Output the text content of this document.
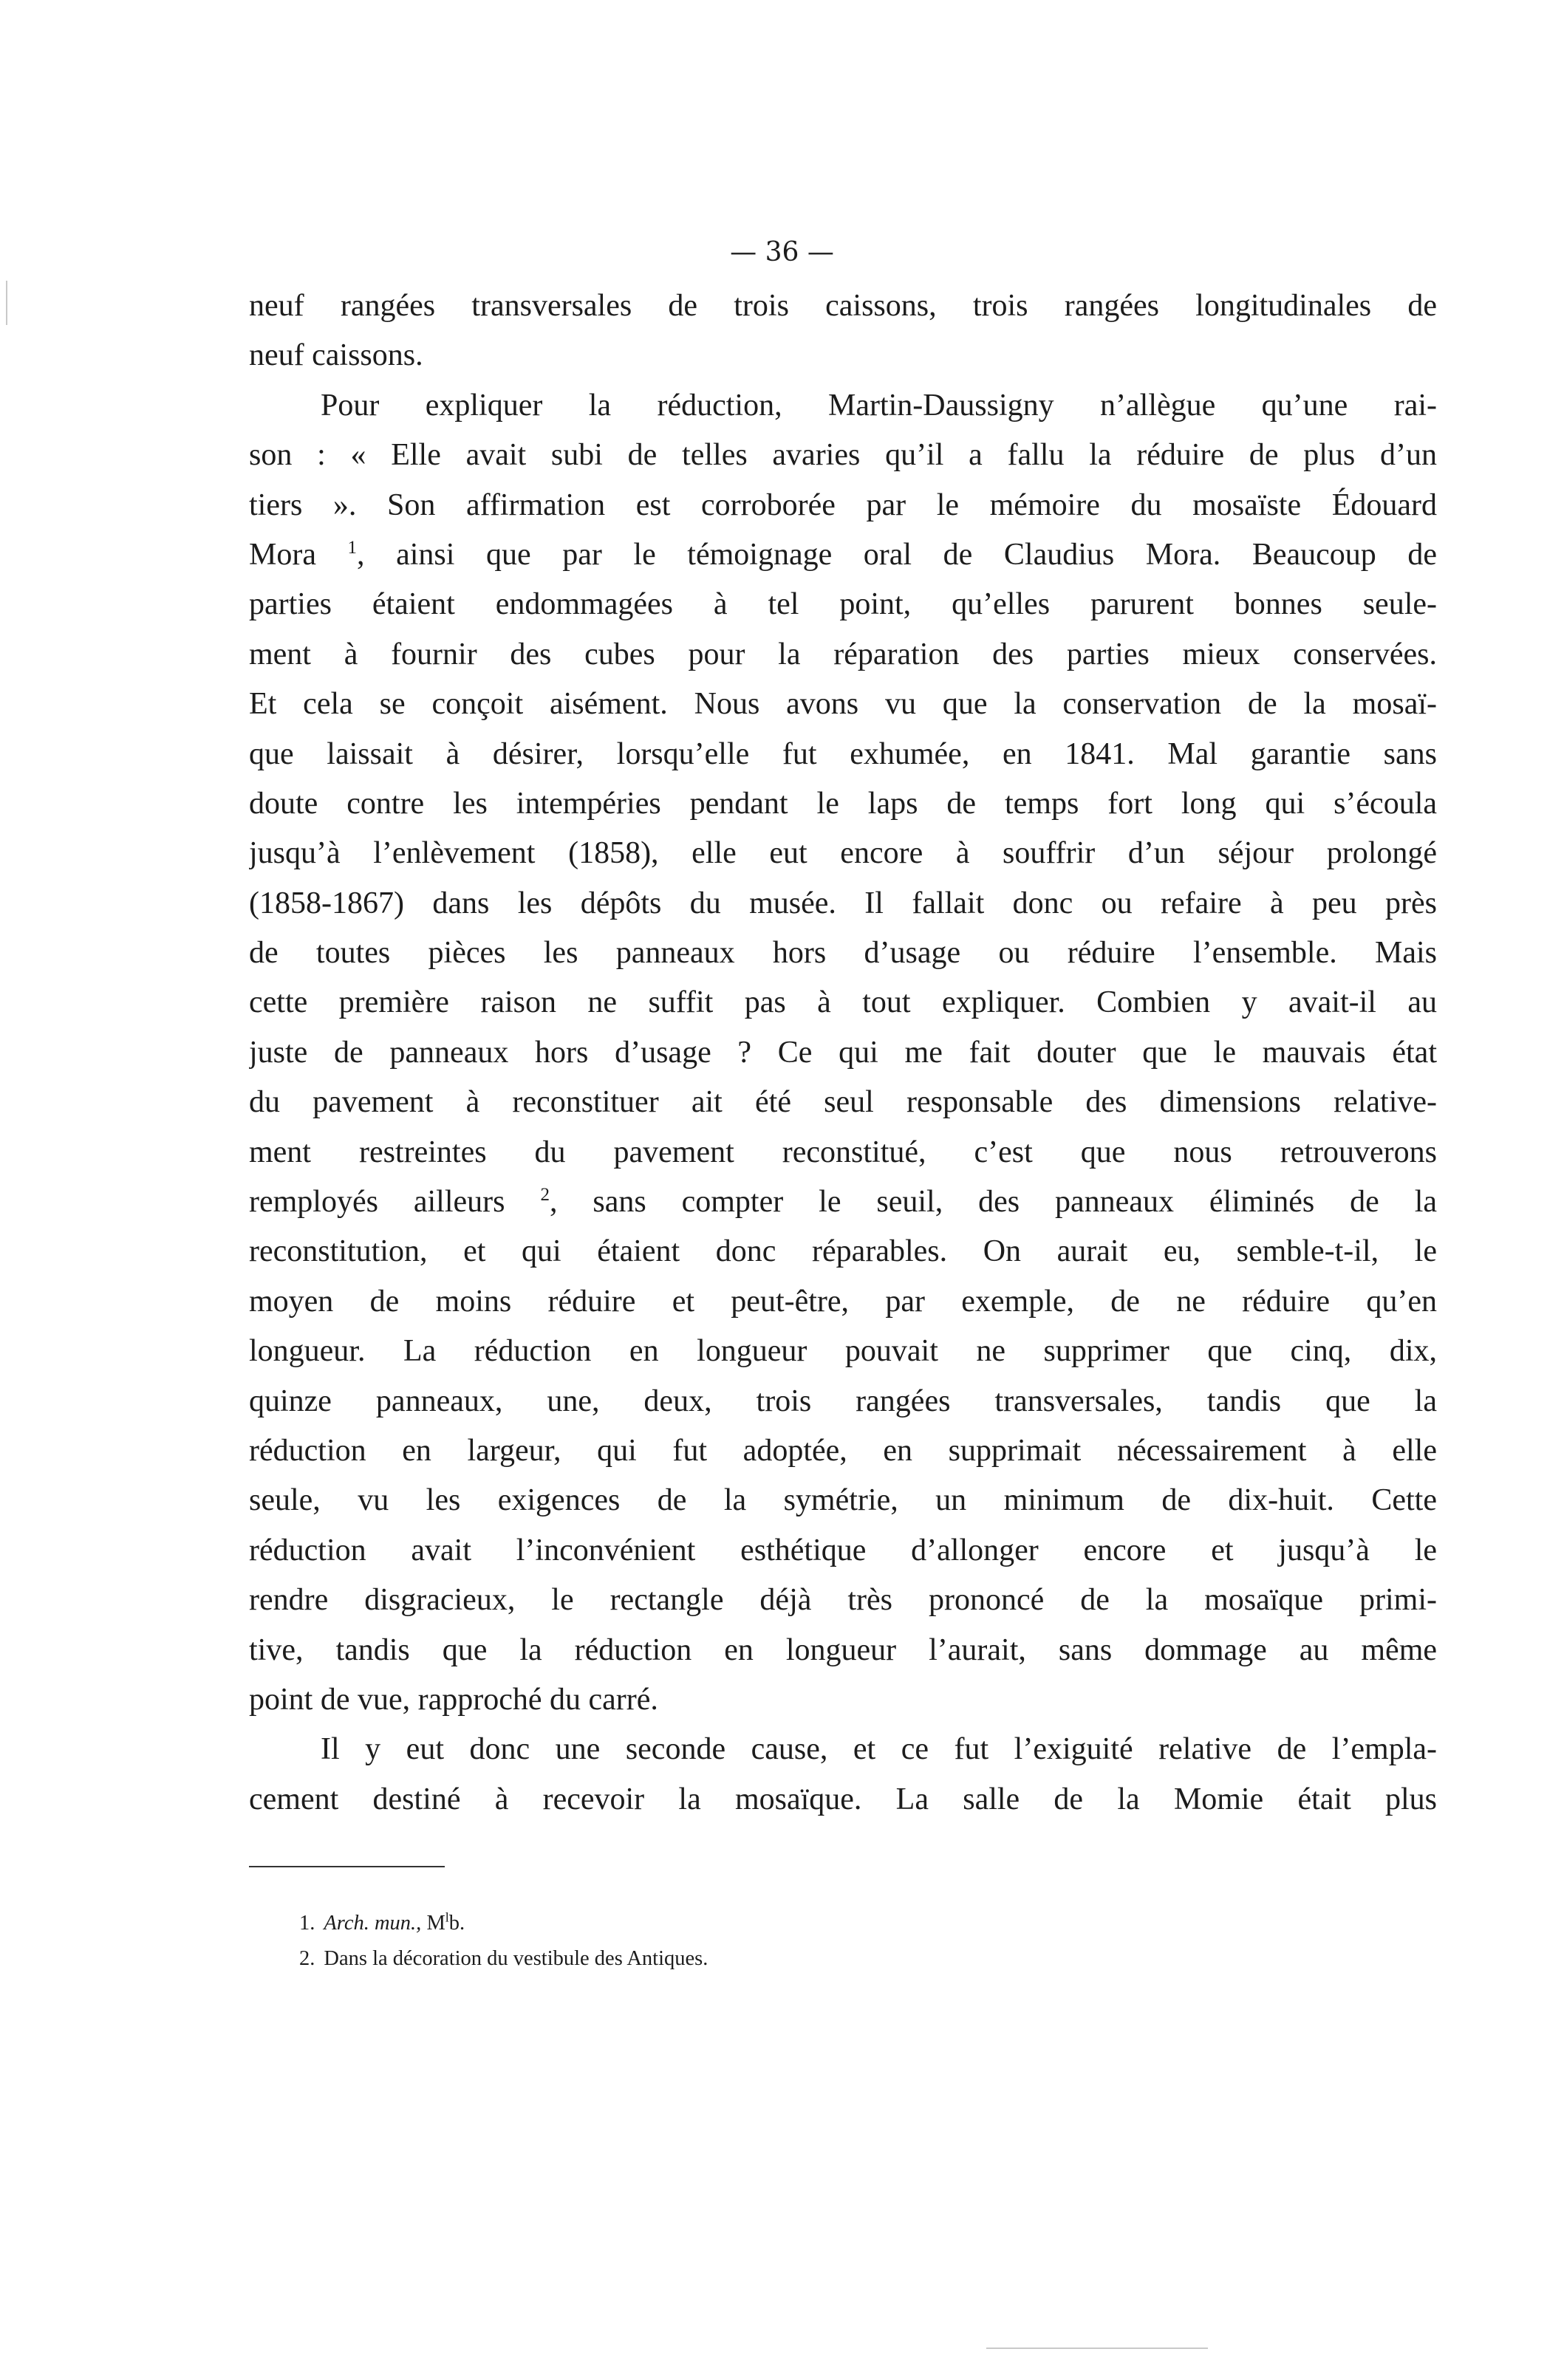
— 36 —
neuf rangées transversales de trois caissons, trois rangées longitudinales de
neuf caissons.
Pour expliquer la réduction, Martin-Daussigny n’allègue qu’une rai-
son : « Elle avait subi de telles avaries qu’il a fallu la réduire de plus d’un
tiers ». Son affirmation est corroborée par le mémoire du mosaïste Édouard
Mora $^1$, ainsi que par le témoignage oral de Claudius Mora. Beaucoup de
parties étaient endommagées à tel point, qu’elles parurent bonnes seule-
ment à fournir des cubes pour la réparation des parties mieux conservées.
Et cela se conçoit aisément. Nous avons vu que la conservation de la mosaï-
que laissait à désirer, lorsqu’elle fut exhumée, en 1841. Mal garantie sans
doute contre les intempéries pendant le laps de temps fort long qui s’écoula
jusqu’à l’enlèvement (1858), elle eut encore à souffrir d’un séjour prolongé
(1858-1867) dans les dépôts du musée. Il fallait donc ou refaire à peu près
de toutes pièces les panneaux hors d’usage ou réduire l’ensemble. Mais
cette première raison ne suffit pas à tout expliquer. Combien y avait-il au
juste de panneaux hors d’usage ? Ce qui me fait douter que le mauvais état
du pavement à reconstituer ait été seul responsable des dimensions relative-
ment restreintes du pavement reconstitué, c’est que nous retrouverons
remployés ailleurs $^2$, sans compter le seuil, des panneaux éliminés de la
reconstitution, et qui étaient donc réparables. On aurait eu, semble-t-il, le
moyen de moins réduire et peut-être, par exemple, de ne réduire qu’en
longueur. La réduction en longueur pouvait ne supprimer que cinq, dix,
quinze panneaux, une, deux, trois rangées transversales, tandis que la
réduction en largeur, qui fut adoptée, en supprimait nécessairement à elle
seule, vu les exigences de la symétrie, un minimum de dix-huit. Cette
réduction avait l’inconvénient esthétique d’allonger encore et jusqu’à le
rendre disgracieux, le rectangle déjà très prononcé de la mosaïque primi-
tive, tandis que la réduction en longueur l’aurait, sans dommage au même
point de vue, rapproché du carré.
Il y eut donc une seconde cause, et ce fut l’exiguité relative de l’empla-
cement destiné à recevoir la mosaïque. La salle de la Momie était plus
1. Arch. mun., $M^lb$.
2. Dans la décoration du vestibule des Antiques.
